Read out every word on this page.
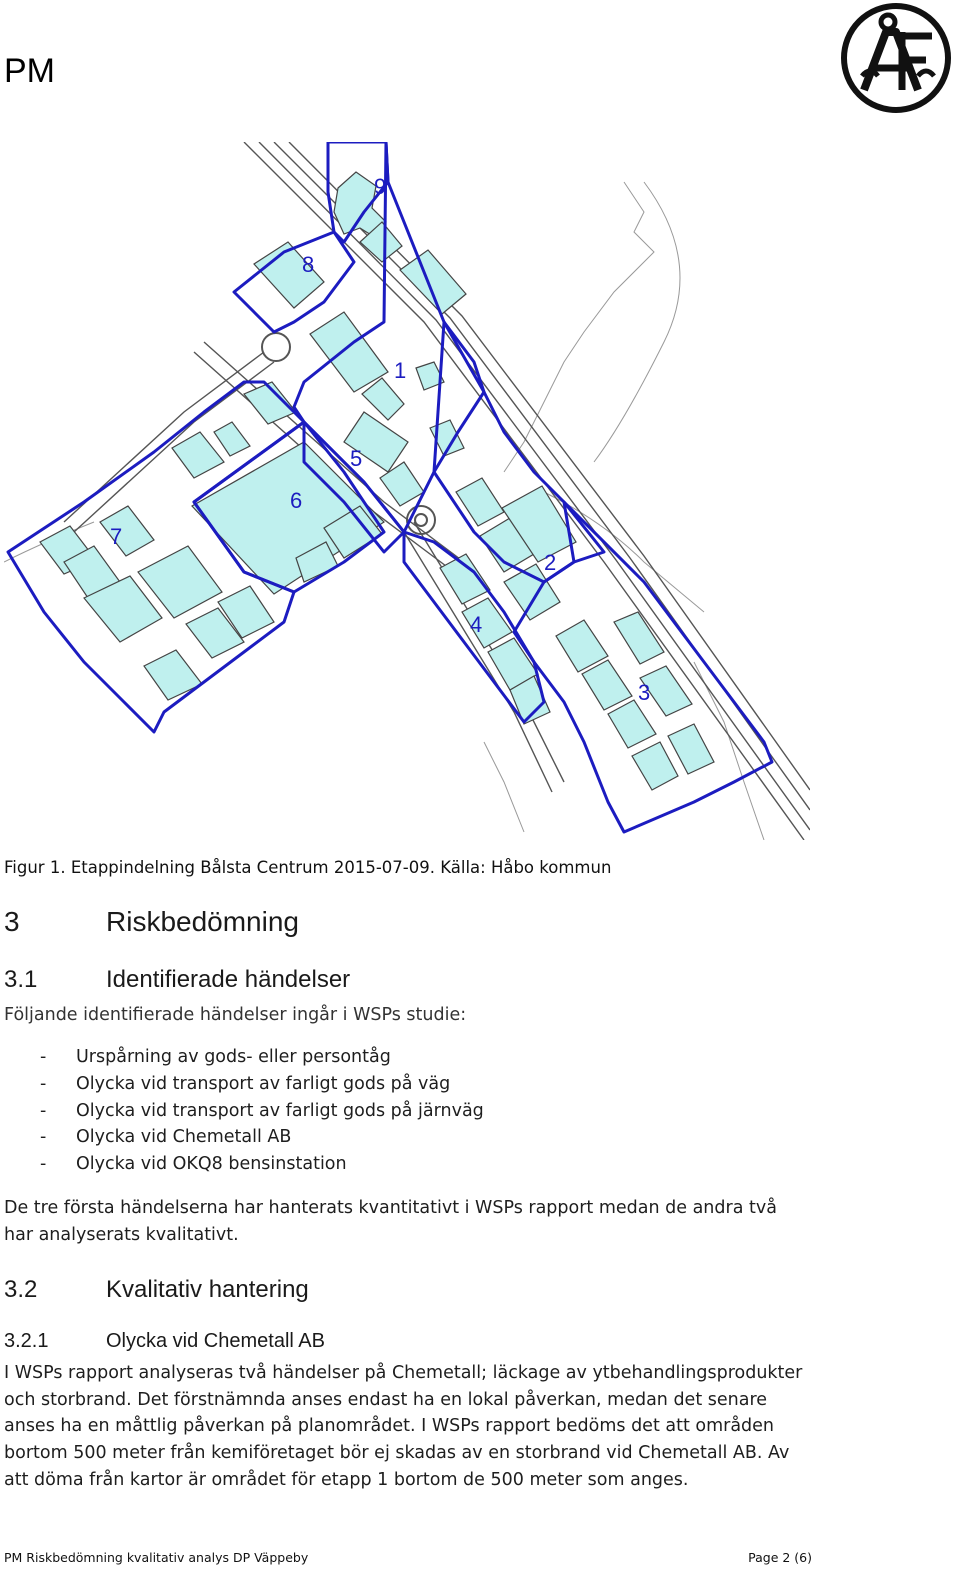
PM
1
2
3
4
5
6
7
8
9
Figur 1. Etappindelning Bålsta Centrum 2015-07-09. Källa: Håbo kommun
3	Riskbedömning
3.1	Identifierade händelser
Följande identifierade händelser ingår i WSPs studie:
- Urspårning av gods- eller persontåg
- Olycka vid transport av farligt gods på väg
- Olycka vid transport av farligt gods på järnväg
- Olycka vid Chemetall AB
- Olycka vid OKQ8 bensinstation
De tre första händelserna har hanterats kvantitativt i WSPs rapport medan de andra två har analyserats kvalitativt.
3.2	Kvalitativ hantering
3.2.1	Olycka vid Chemetall AB
I WSPs rapport analyseras två händelser på Chemetall; läckage av ytbehandlingsprodukter och storbrand. Det förstnämnda anses endast ha en lokal påverkan, medan det senare anses ha en måttlig påverkan på planområdet. I WSPs rapport bedöms det att områden bortom 500 meter från kemiföretaget bör ej skadas av en storbrand vid Chemetall AB. Av att döma från kartor är området för etapp 1 bortom de 500 meter som anges.
PM Riskbedömning kvalitativ analys DP Väppeby	Page 2 (6)
